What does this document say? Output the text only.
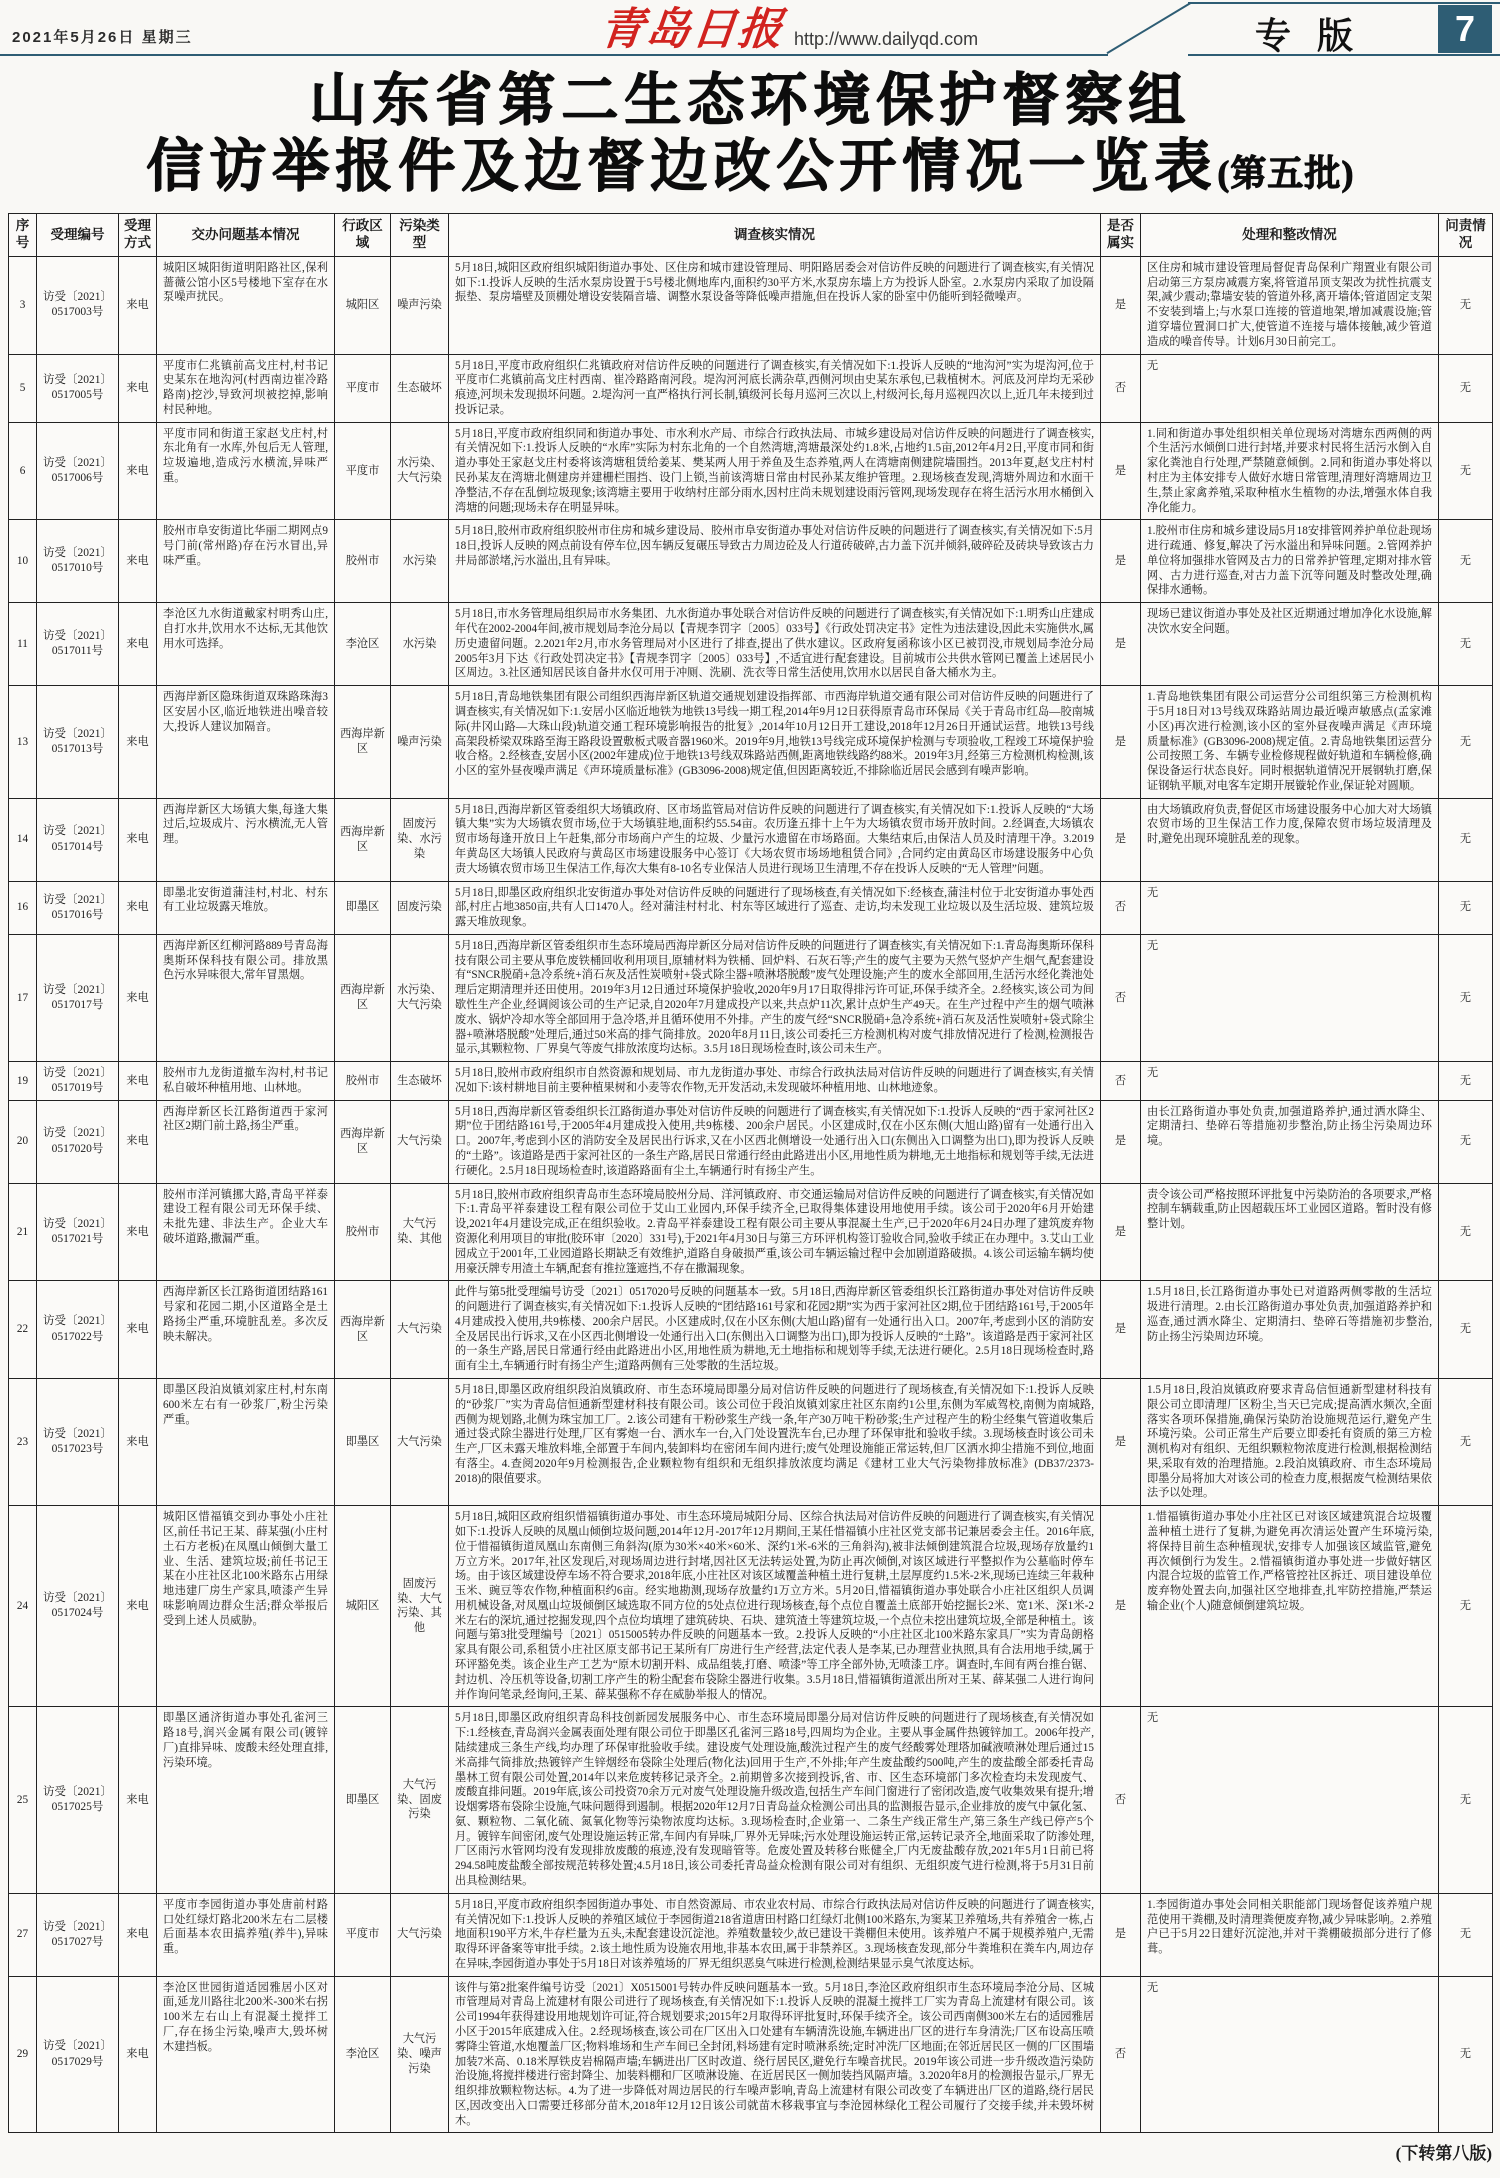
2021年5月26日 星期三	青岛日报 http://www.dailyqd.com	专版	7
山东省第二生态环境保护督察组
信访举报件及边督边改公开情况一览表(第五批)
序号	受理编号	受理方式	交办问题基本情况	行政区域	污染类型	调查核实情况	是否属实	处理和整改情况	问责情况
3	访受〔2021〕0517003号	来电	城阳区城阳街道明阳路社区,保利蔷薇公馆小区5号楼地下室存在水泵噪声扰民。	城阳区	噪声污染	5月18日,城阳区政府组织城阳街道办事处、区住房和城市建设管理局、明阳路居委会对信访件反映的问题进行了调查核实,有关情况如下:1.投诉人反映的生活水泵房设置于5号楼北侧地库内,面积约30平方米,水泵房东墙上方为投诉人卧室。2.水泵房内采取了加设隔振垫、泵房墙壁及顶棚处增设安装隔音墙、调整水泵设备等降低噪声措施,但在投诉人家的卧室中仍能听到轻微噪声。	是	区住房和城市建设管理局督促青岛保利广翔置业有限公司启动第三方泵房减震方案,将管道吊顶支架改为扰性抗震支架,减少震动;靠墙安装的管道外移,离开墙体;管道固定支架不安装到墙上;与水泵口连接的管道地架,增加减震设施;管道穿墙位置洞口扩大,使管道不连接与墙体接触,减少管道造成的噪音传导。计划6月30日前完工。	无
5	访受〔2021〕0517005号	来电	平度市仁兆镇前高戈庄村,村书记史某东在地沟河(村西南边崔冷路路南)挖沙,导致河坝被挖掉,影响村民种地。	平度市	生态破坏	5月18日,平度市政府组织仁兆镇政府对信访件反映的问题进行了调查核实,有关情况如下:1.投诉人反映的“地沟河”实为堤沟河,位于平度市仁兆镇前高戈庄村西南、崔冷路路南河段。堤沟河河底长满杂草,西侧河坝由史某东承包,已栽植树木。河底及河岸均无采砂痕迹,河坝未发现损坏问题。2.堤沟河一直严格执行河长制,镇级河长每月巡河三次以上,村级河长,每月巡视四次以上,近几年未接到过投诉记录。	否	无	无
6	访受〔2021〕0517006号	来电	平度市同和街道王家赵戈庄村,村东北角有一水库,外包后无人管理,垃圾遍地,造成污水横流,异味严重。	平度市	水污染、大气污染	5月18日,平度市政府组织同和街道办事处、市水利水产局、市综合行政执法局、市城乡建设局对信访件反映的问题进行了调查核实,有关情况如下:1.投诉人反映的“水库”实际为村东北角的一个自然湾塘,湾塘最深处约1.8米,占地约1.5亩,2012年4月2日,平度市同和街道办事处王家赵戈庄村委将该湾塘租赁给姜某、樊某两人用于养鱼及生态养殖,两人在湾塘南侧建院墙围挡。2013年夏,赵戈庄村村民孙某友在湾塘北侧建房并建栅栏围挡、设门上锁,当前该湾塘日常由村民孙某友维护管理。2.现场核查发现,湾塘外周边和水面干净整洁,不存在乱倒垃圾现象;该湾塘主要用于收纳村庄部分雨水,因村庄尚未规划建设雨污管网,现场发现存在将生活污水用水桶倒入湾塘的问题;现场未存在明显异味。	是	1.同和街道办事处组织相关单位现场对湾塘东西两侧的两个生活污水倾倒口进行封堵,并要求村民将生活污水倒入自家化粪池自行处理,严禁随意倾倒。2.同和街道办事处将以村庄为主体安排专人做好水塘日常管理,清理好湾塘周边卫生,禁止家禽养殖,采取种植水生植物的办法,增强水体自我净化能力。	无
10	访受〔2021〕0517010号	来电	胶州市阜安街道比华丽二期网点9号门前(常州路)存在污水冒出,异味严重。	胶州市	水污染	5月18日,胶州市政府组织胶州市住房和城乡建设局、胶州市阜安街道办事处对信访件反映的问题进行了调查核实,有关情况如下:5月18日,投诉人反映的网点前设有停车位,因车辆反复碾压导致古力周边砼及人行道砖破碎,古力盖下沉并倾斜,破碎砼及砖块导致该古力井局部淤堵,污水溢出,且有异味。	是	1.胶州市住房和城乡建设局5月18安排管网养护单位赴现场进行疏通、修复,解决了污水溢出和异味问题。2.管网养护单位将加强排水管网及古力的日常养护管理,定期对排水管网、古力进行巡查,对古力盖下沉等问题及时整改处理,确保排水通畅。	无
11	访受〔2021〕0517011号	来电	李沧区九水街道戴家村明秀山庄,自打水井,饮用水不达标,无其他饮用水可选择。	李沧区	水污染	5月18日,市水务管理局组织局市水务集团、九水街道办事处联合对信访件反映的问题进行了调查核实,有关情况如下:1.明秀山庄建成年代在2002-2004年间,被市规划局李沧分局以【青规李罚字〔2005〕033号】《行政处罚决定书》定性为违法建设,因此未实施供水,属历史遗留问题。2.2021年2月,市水务管理局对小区进行了排查,提出了供水建议。区政府复函称该小区已被罚没,市规划局李沧分局2005年3月下达《行政处罚决定书》【青规李罚字〔2005〕033号】,不适宜进行配套建设。目前城市公共供水管网已覆盖上述居民小区周边。3.社区通知居民该自备井水仅可用于冲厕、洗刷、洗衣等日常生活使用,饮用水以居民自备大桶水为主。	是	现场已建议街道办事处及社区近期通过增加净化水设施,解决饮水安全问题。	无
13	访受〔2021〕0517013号	来电	西海岸新区隐珠街道双珠路珠海3区安居小区,临近地铁进出噪音较大,投诉人建议加隔音。	西海岸新区	噪声污染	5月18日,青岛地铁集团有限公司组织西海岸新区轨道交通规划建设指挥部、市西海岸轨道交通有限公司对信访件反映的问题进行了调查核实,有关情况如下:1.安居小区临近地铁为地铁13号线一期工程,2014年9月12日获得原青岛市环保局《关于青岛市红岛—胶南城际(井冈山路—大珠山段)轨道交通工程环境影响报告的批复》,2014年10月12日开工建设,2018年12月26日开通试运营。地铁13号线高架段桥梁双珠路至海王路段设置敷板式吸音器1960米。2019年9月,地铁13号线完成环境保护检测与专项验收,工程竣工环境保护验收合格。2.经核查,安居小区(2002年建成)位于地铁13号线双珠路站西侧,距离地铁线路约88米。2019年3月,经第三方检测机构检测,该小区的室外昼夜噪声满足《声环境质量标准》(GB3096-2008)规定值,但因距离较近,不排除临近居民会感到有噪声影响。	是	1.青岛地铁集团有限公司运营分公司组织第三方检测机构于5月18日对13号线双珠路站周边最近噪声敏感点(孟家滩小区)再次进行检测,该小区的室外昼夜噪声满足《声环境质量标准》(GB3096-2008)规定值。2.青岛地铁集团运营分公司按照工务、车辆专业检修规程做好轨道和车辆检修,确保设备运行状态良好。同时根据轨道情况开展钢轨打磨,保证钢轨平顺,对电客车定期开展镟轮作业,保证轮对圆顺。	无
14	访受〔2021〕0517014号	来电	西海岸新区大场镇大集,每逢大集过后,垃圾成片、污水横流,无人管理。	西海岸新区	固废污染、水污染	5月18日,西海岸新区管委组织大场镇政府、区市场监管局对信访件反映的问题进行了调查核实,有关情况如下:1.投诉人反映的“大场镇大集”实为大场镇农贸市场,位于大场镇驻地,面积约55.54亩。农历逢五排十上午为大场镇农贸市场开放时间。2.经调查,大场镇农贸市场每逢开放日上午赶集,部分市场商户产生的垃圾、少量污水遗留在市场路面。大集结束后,由保洁人员及时清理干净。3.2019年黄岛区大场镇人民政府与黄岛区市场建设服务中心签订《大场农贸市场场地租赁合同》,合同约定由黄岛区市场建设服务中心负责大场镇农贸市场卫生保洁工作,每次大集有8-10名专业保洁人员进行现场卫生清理,不存在投诉人反映的“无人管理”问题。	是	由大场镇政府负责,督促区市场建设服务中心加大对大场镇农贸市场的卫生保洁工作力度,保障农贸市场垃圾清理及时,避免出现环境脏乱差的现象。	无
16	访受〔2021〕0517016号	来电	即墨北安街道蒲洼村,村北、村东有工业垃圾露天堆放。	即墨区	固废污染	5月18日,即墨区政府组织北安街道办事处对信访件反映的问题进行了现场核查,有关情况如下:经核查,蒲洼村位于北安街道办事处西部,村庄占地3850亩,共有人口1470人。经对蒲洼村村北、村东等区域进行了巡查、走访,均未发现工业垃圾以及生活垃圾、建筑垃圾露天堆放现象。	否	无	无
17	访受〔2021〕0517017号	来电	西海岸新区红柳河路889号青岛海奥斯环保科技有限公司。排放黑色污水异味很大,常年冒黑烟。	西海岸新区	水污染、大气污染	5月18日,西海岸新区管委组织市生态环境局西海岸新区分局对信访件反映的问题进行了调查核实,有关情况如下:1.青岛海奥斯环保科技有限公司主要从事危废铁桶回收利用项目,原辅材料为铁桶、回炉料、石灰石等;产生的废气主要为天然气竖炉产生烟气,配套建设有“SNCR脱硝+急冷系统+消石灰及活性炭喷射+袋式除尘器+喷淋塔脱酸”废气处理设施;产生的废水全部回用,生活污水经化粪池处理后定期清理并还田使用。2019年3月12日通过环境保护验收,2020年9月17日取得排污许可证,环保手续齐全。2.经核实,该公司为间歇性生产企业,经调阅该公司的生产记录,自2020年7月建成投产以来,共点炉11次,累计点炉生产49天。在生产过程中产生的烟气喷淋废水、锅炉冷却水等全部回用于急冷塔,并且循环使用不外排。产生的废气经“SNCR脱硝+急冷系统+消石灰及活性炭喷射+袋式除尘器+喷淋塔脱酸”处理后,通过50米高的排气筒排放。2020年8月11日,该公司委托三方检测机构对废气排放情况进行了检测,检测报告显示,其颗粒物、厂界臭气等废气排放浓度均达标。3.5月18日现场检查时,该公司未生产。	否	无	无
19	访受〔2021〕0517019号	来电	胶州市九龙街道撤车沟村,村书记私自破坏种植用地、山林地。	胶州市	生态破坏	5月18日,胶州市政府组织市自然资源和规划局、市九龙街道办事处、市综合行政执法局对信访件反映的问题进行了调查核实,有关情况如下:该村耕地目前主要种植果树和小麦等农作物,无开发活动,未发现破坏种植用地、山林地迹象。	否	无	无
20	访受〔2021〕0517020号	来电	西海岸新区长江路街道西于家河社区2期门前土路,扬尘严重。	西海岸新区	大气污染	5月18日,西海岸新区管委组织长江路街道办事处对信访件反映的问题进行了调查核实,有关情况如下:1.投诉人反映的“西于家河社区2期”位于团结路161号,于2005年4月建成投入使用,共9栋楼、200余户居民。小区建成时,仅在小区东侧(大旭山路)留有一处通行出入口。2007年,考虑到小区的消防安全及居民出行诉求,又在小区西北侧增设一处通行出入口(东侧出入口调整为出口),即为投诉人反映的“土路”。该道路是西于家河社区的一条生产路,居民日常通行经由此路进出小区,用地性质为耕地,无土地指标和规划等手续,无法进行硬化。2.5月18日现场检查时,该道路路面有尘土,车辆通行时有扬尘产生。	是	由长江路街道办事处负责,加强道路养护,通过洒水降尘、定期清扫、垫碎石等措施初步整治,防止扬尘污染周边环境。	无
21	访受〔2021〕0517021号	来电	胶州市洋河镇挪大路,青岛平祥泰建设工程有限公司无环保手续、未批先建、非法生产。企业大车破坏道路,撒漏严重。	胶州市	大气污染、其他	5月18日,胶州市政府组织青岛市生态环境局胶州分局、洋河镇政府、市交通运输局对信访件反映的问题进行了调查核实,有关情况如下:1.青岛平祥泰建设工程有限公司位于艾山工业园内,环保手续齐全,已取得集体建设用地使用手续。该公司于2020年6月开始建设,2021年4月建设完成,正在组织验收。2.青岛平祥泰建设工程有限公司主要从事混凝土生产,已于2020年6月24日办理了建筑废弃物资源化利用项目的审批(胶环审〔2020〕331号),于2021年4月30日与第三方环评机构签订验收合同,验收手续正在办理中。3.艾山工业园成立于2001年,工业园道路长期缺乏有效维护,道路自身破损严重,该公司车辆运输过程中会加剧道路破损。4.该公司运输车辆均使用豪沃牌专用渣土车辆,配套有推拉篷遮挡,不存在撒漏现象。	是	责令该公司严格按照环评批复中污染防治的各项要求,严格控制车辆载重,防止因超载压坏工业园区道路。暂时没有修整计划。	无
22	访受〔2021〕0517022号	来电	西海岸新区长江路街道团结路161号家和花园二期,小区道路全是土路扬尘严重,环境脏乱差。多次反映未解决。	西海岸新区	大气污染	此件与第5批受理编号访受〔2021〕0517020号反映的问题基本一致。5月18日,西海岸新区管委组织长江路街道办事处对信访件反映的问题进行了调查核实,有关情况如下:1.投诉人反映的“团结路161号家和花园2期”实为西于家河社区2期,位于团结路161号,于2005年4月建成投入使用,共9栋楼、200余户居民。小区建成时,仅在小区东侧(大旭山路)留有一处通行出入口。2007年,考虑到小区的消防安全及居民出行诉求,又在小区西北侧增设一处通行出入口(东侧出入口调整为出口),即为投诉人反映的“土路”。该道路是西于家河社区的一条生产路,居民日常通行经由此路进出小区,用地性质为耕地,无土地指标和规划等手续,无法进行硬化。2.5月18日现场检查时,路面有尘土,车辆通行时有扬尘产生;道路两侧有三处零散的生活垃圾。	是	1.5月18日,长江路街道办事处已对道路两侧零散的生活垃圾进行清理。2.由长江路街道办事处负责,加强道路养护和巡查,通过洒水降尘、定期清扫、垫碎石等措施初步整治,防止扬尘污染周边环境。	无
23	访受〔2021〕0517023号	来电	即墨区段泊岚镇刘家庄村,村东南600米左右有一砂浆厂,粉尘污染严重。	即墨区	大气污染	5月18日,即墨区政府组织段泊岚镇政府、市生态环境局即墨分局对信访件反映的问题进行了现场核查,有关情况如下:1.投诉人反映的“砂浆厂”实为青岛信恒通新型建材科技有限公司。该公司位于段泊岚镇刘家庄社区东南约1公里,东侧为军威驾校,南侧为南城路,西侧为规划路,北侧为珠宝加工厂。2.该公司建有干粉砂浆生产线一条,年产30万吨干粉砂浆;生产过程产生的粉尘经集气管道收集后通过袋式除尘器进行处理,厂区有雾炮一台、洒水车一台,入门处设置洗车台,已办理了环保审批和验收手续。3.现场核查时该公司未生产,厂区未露天堆放料堆,全部置于车间内,装卸料均在密闭车间内进行;废气处理设施能正常运转,但厂区洒水抑尘措施不到位,地面有落尘。4.查阅2020年9月检测报告,企业颗粒物有组织和无组织排放浓度均满足《建材工业大气污染物排放标准》(DB37/2373-2018)的限值要求。	是	1.5月18日,段泊岚镇政府要求青岛信恒通新型建材科技有限公司立即清理厂区粉尘,当天已完成;提高洒水频次,全面落实各项环保措施,确保污染防治设施规范运行,避免产生环境污染。公司正常生产后要立即委托有资质的第三方检测机构对有组织、无组织颗粒物浓度进行检测,根据检测结果,采取有效的治理措施。2.段泊岚镇政府、市生态环境局即墨分局将加大对该公司的检查力度,根据废气检测结果依法予以处理。	无
24	访受〔2021〕0517024号	来电	城阳区惜福镇交到办事处小庄社区,前任书记王某、薛某强(小庄村土石方老板)在凤凰山倾倒大量工业、生活、建筑垃圾;前任书记王某在小庄社区北100米路东占用绿地违建厂房生产家具,喷漆产生异味影响周边群众生活;群众举报后受到上述人员威胁。	城阳区	固废污染、大气污染、其他	5月18日,城阳区政府组织惜福镇街道办事处、市生态环境局城阳分局、区综合执法局对信访件反映的问题进行了调查核实,有关情况如下:1.投诉人反映的凤凰山倾倒垃圾问题,2014年12月-2017年12月期间,王某任惜福镇小庄社区党支部书记兼居委会主任。2016年底,位于惜福镇街道凤凰山东南侧三角斜沟(原为30米×40米×60米、深约1米-6米的三角斜沟),被非法倾倒建筑混合垃圾,现场存放量约1万立方米。2017年,社区发现后,对现场周边进行封堵,因社区无法转运处置,为防止再次倾倒,对该区域进行平整拟作为公墓临时停车场。由于该区域建设停车场不符合要求,2018年底,小庄社区对该区域覆盖种植土进行复耕,土层厚度约1.5米-2米,现场已连续三年栽种玉米、豌豆等农作物,种植面积约6亩。经实地勘测,现场存放量约1万立方米。5月20日,惜福镇街道办事处联合小庄社区组织人员调用机械设备,对凤凰山垃圾倾倒区域选取不同方位的5处点位进行现场核查,每个点位自覆盖土底部开始挖掘长2米、宽1米、深1米-2米左右的深坑,通过挖掘发现,四个点位均填埋了建筑砖块、石块、建筑渣土等建筑垃圾,一个点位未挖出建筑垃圾,全部是种植土。该问题与第3批受理编号〔2021〕0515005转办件反映的问题基本一致。2.投诉人反映的“小庄社区北100米路东家具厂”实为青岛朗格家具有限公司,系租赁小庄社区原支部书记王某所有厂房进行生产经营,法定代表人是李某,已办理营业执照,具有合法用地手续,属于环评豁免类。该企业生产工艺为“原木切割开料、成品组装,打磨、喷漆”等工序全部外协,无喷漆工序。调查时,车间有两台推台锯、封边机、冷压机等设备,切割工序产生的粉尘配套布袋除尘器进行收集。3.5月18日,惜福镇街道派出所对王某、薛某强二人进行询问并作询问笔录,经询问,王某、薛某强称不存在威胁举报人的情况。	是	1.惜福镇街道办事处小庄社区已对该区域建筑混合垃圾覆盖种植土进行了复耕,为避免再次清运处置产生环境污染,将保持目前生态种植现状,安排专人加强该区域监管,避免再次倾倒行为发生。2.惜福镇街道办事处进一步做好辖区内混合垃圾的监管工作,严格管控社区拆迁、项目建设单位废弃物处置去向,加强社区空地排查,扎牢防控措施,严禁运输企业(个人)随意倾倒建筑垃圾。	无
25	访受〔2021〕0517025号	来电	即墨区通济街道办事处孔雀河三路18号,润兴金属有限公司(镀锌厂)直排异味、废酸未经处理直排,污染环境。	即墨区	大气污染、固废污染	5月18日,即墨区政府组织青岛科技创新园发展服务中心、市生态环境局即墨分局对信访件反映的问题进行了现场核查,有关情况如下:1.经核查,青岛润兴金属表面处理有限公司位于即墨区孔雀河三路18号,四周均为企业。主要从事金属件热镀锌加工。2006年投产,陆续建成三条生产线,均办理了环保审批验收手续。建设废气处理设施,酸洗过程产生的废气经酸雾处理塔加碱液喷淋处理后通过15米高排气筒排放;热镀锌产生锌烟经布袋除尘处理后(物化法)回用于生产,不外排;年产生废盐酸约500吨,产生的废盐酸全部委托青岛墨林工贸有限公司处置,2014年以来危废转移记录齐全。2.前期曾多次接到投诉,省、市、区生态环境部门多次检查均未发现废气、废酸直排问题。2019年底,该公司投资70余万元对废气处理设施升级改造,包括生产车间门窗进行了密闭改造,废气收集效果有提升;增设烟雾塔布袋除尘设施,气味问题得到遏制。根据2020年12月7日青岛益众检测公司出具的监测报告显示,企业排放的废气中氯化氢、氨、颗粒物、二氧化硫、氮氧化物等污染物浓度均达标。3.现场检查时,企业第一、二条生产线正常生产,第三条生产线已停产5个月。镀锌车间密闭,废气处理设施运转正常,车间内有异味,厂界外无异味;污水处理设施运转正常,运转记录齐全,地面采取了防渗处理,厂区雨污水管网均没有发现排放废酸的痕迹,没有发现暗管等。危废处置及转移台账健全,厂内无废盐酸存放,2021年5月1日前已将294.58吨废盐酸全部按规范转移处置;4.5月18日,该公司委托青岛益众检测有限公司对有组织、无组织废气进行检测,将于5月31日前出具检测结果。	否	无	无
27	访受〔2021〕0517027号	来电	平度市李园街道办事处唐前村路口处红绿灯路北200米左右二层楼后面基本农田搞养殖(养牛),异味重。	平度市	大气污染	5月18日,平度市政府组织李园街道办事处、市自然资源局、市农业农村局、市综合行政执法局对信访件反映的问题进行了调查核实,有关情况如下:1.投诉人反映的养殖区域位于李园街道218省道唐田村路口红绿灯北侧100米路东,为窦某卫养殖场,共有养殖舍一栋,占地面积190平方米,牛存栏量为五头,未配套建设沉淀池。养殖数量较少,故已建设干粪棚但未使用。该养殖户不属于规模养殖户,无需取得环评备案等审批手续。2.该土地性质为设施农用地,非基本农田,属于非禁养区。3.现场核查发现,部分牛粪堆积在粪车内,周边存在异味,李园街道办事处于5月18日对该养殖场的厂界无组织恶臭气味进行检测,检测结果显示臭气浓度达标。	是	1.李园街道办事处会同相关职能部门现场督促该养殖户规范使用干粪棚,及时清理粪便废弃物,减少异味影响。2.养殖户已于5月22日建好沉淀池,并对干粪棚破损部分进行了修葺。	无
29	访受〔2021〕0517029号	来电	李沧区世园街道适园雅居小区对面,延龙川路往北200米-300米右拐100米左右山上有混凝土搅拌工厂,存在扬尘污染,噪声大,毁坏树木建挡板。	李沧区	大气污染、噪声污染	该件与第2批案件编号访受〔2021〕X0515001号转办件反映问题基本一致。5月18日,李沧区政府组织市生态环境局李沧分局、区城市管理局对青岛上流建材有限公司进行了现场核查,有关情况如下:1.投诉人反映的混凝土搅拌工厂实为青岛上流建材有限公司。该公司1994年获得建设用地规划许可证,符合规划要求;2015年2月取得环评批复时,环保手续齐全。该公司西南侧300米左右的适园雅居小区于2015年底建成入住。2.经现场核查,该公司在厂区出入口处建有车辆清洗设施,车辆进出厂区的进行车身清洗;厂区布设高压喷雾降尘管道,水炮覆盖厂区;物料堆场和生产车间已全封闭,料场建有定时喷淋系统;定时冲洗厂区地面;在邻近居民区一侧的厂区围墙加装7米高、0.18米厚铁皮岩棉隔声墙;车辆进出厂区时改道、绕行居民区,避免行车噪音扰民。2019年该公司进一步升级改造污染防治设施,将搅拌楼进行密封降尘、加装料棚和厂区喷淋设施、在近居民区一侧加装挡风隔声墙。3.2020年8月的检测报告显示,厂界无组织排放颗粒物达标。4.为了进一步降低对周边居民的行车噪声影响,青岛上流建材有限公司改变了车辆进出厂区的道路,绕行居民区,因改变出入口需要迁移部分苗木,2018年12月12日该公司就苗木移栽事宜与李沧园林绿化工程公司履行了交接手续,并未毁坏树木。	否	无	无
(下转第八版)
